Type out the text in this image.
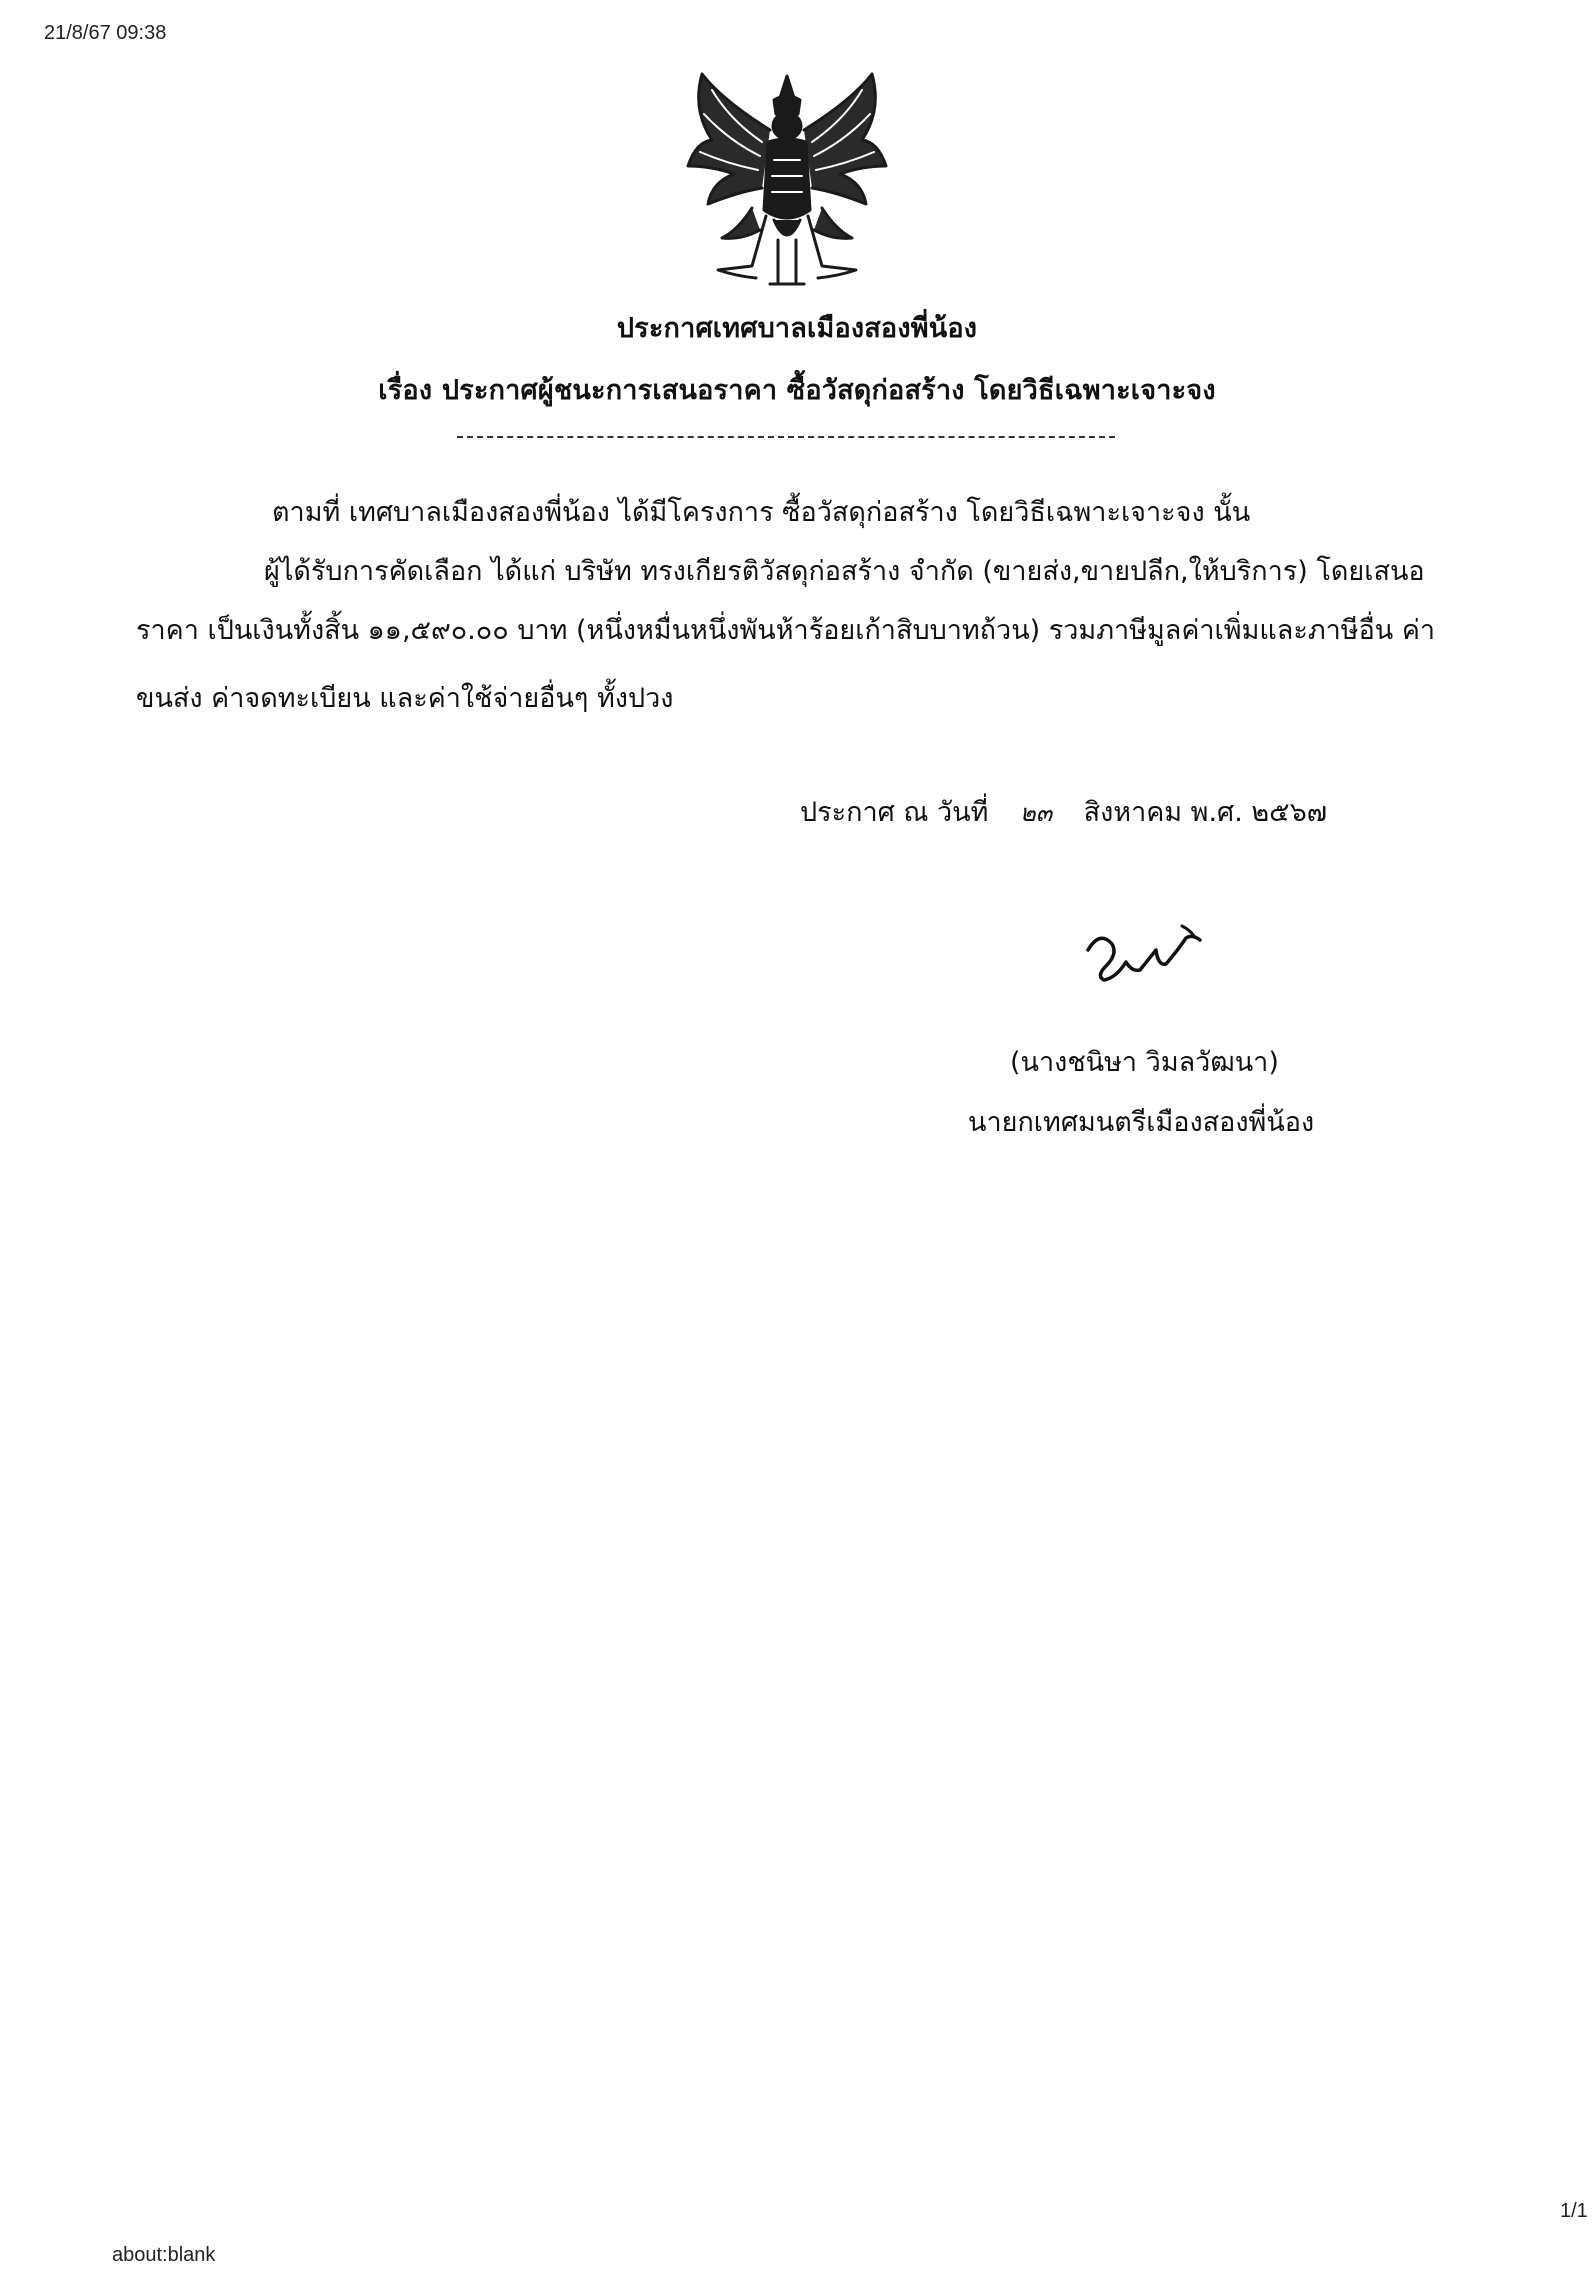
21/8/67 09:38
ประกาศเทศบาลเมืองสองพี่น้อง
เรื่อง ประกาศผู้ชนะการเสนอราคา ซื้อวัสดุก่อสร้าง โดยวิธีเฉพาะเจาะจง
ตามที่ เทศบาลเมืองสองพี่น้อง ได้มีโครงการ ซื้อวัสดุก่อสร้าง โดยวิธีเฉพาะเจาะจง นั้น
ผู้ได้รับการคัดเลือก ได้แก่ บริษัท ทรงเกียรติวัสดุก่อสร้าง จำกัด (ขายส่ง,ขายปลีก,ให้บริการ) โดยเสนอ
ราคา เป็นเงินทั้งสิ้น ๑๑,๕๙๐.๐๐ บาท (หนึ่งหมื่นหนึ่งพันห้าร้อยเก้าสิบบาทถ้วน) รวมภาษีมูลค่าเพิ่มและภาษีอื่น ค่า
ขนส่ง ค่าจดทะเบียน และค่าใช้จ่ายอื่นๆ ทั้งปวง
ประกาศ ณ วันที่ ๒๓ สิงหาคม พ.ศ. ๒๕๖๗
(นางชนิษา วิมลวัฒนา)
นายกเทศมนตรีเมืองสองพี่น้อง
1/1
about:blank
